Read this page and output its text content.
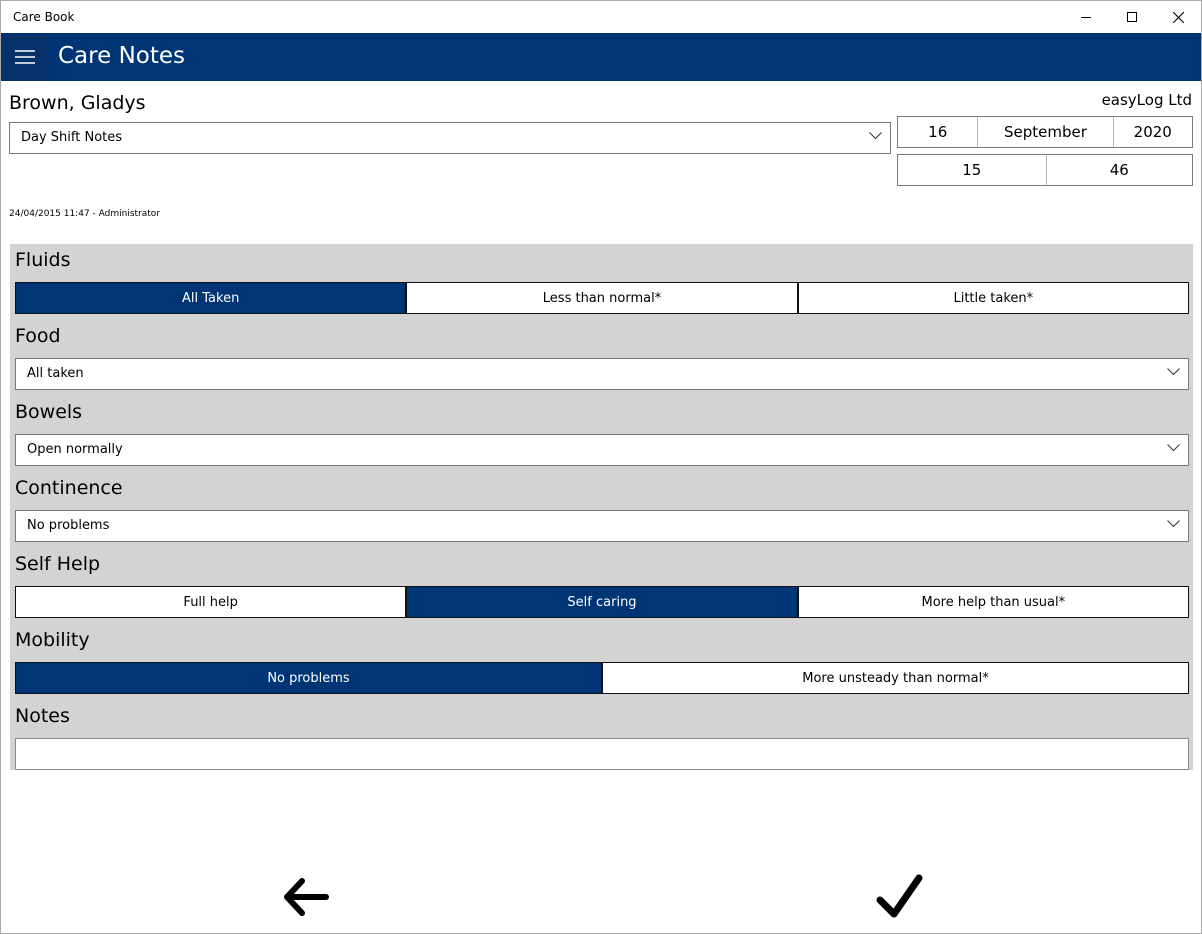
Care Book
Care Notes
Brown, Gladys	easyLog Ltd
Day Shift Notes	16	September	2020
15	46
24/04/2015 11:47 - Administrator
Fluids
All Taken	Less than normal*	Little taken*
Food
All taken
Bowels
Open normally
Continence
No problems
Self Help
Full help	Self caring	More help than usual*
Mobility
No problems	More unsteady than normal*
Notes
